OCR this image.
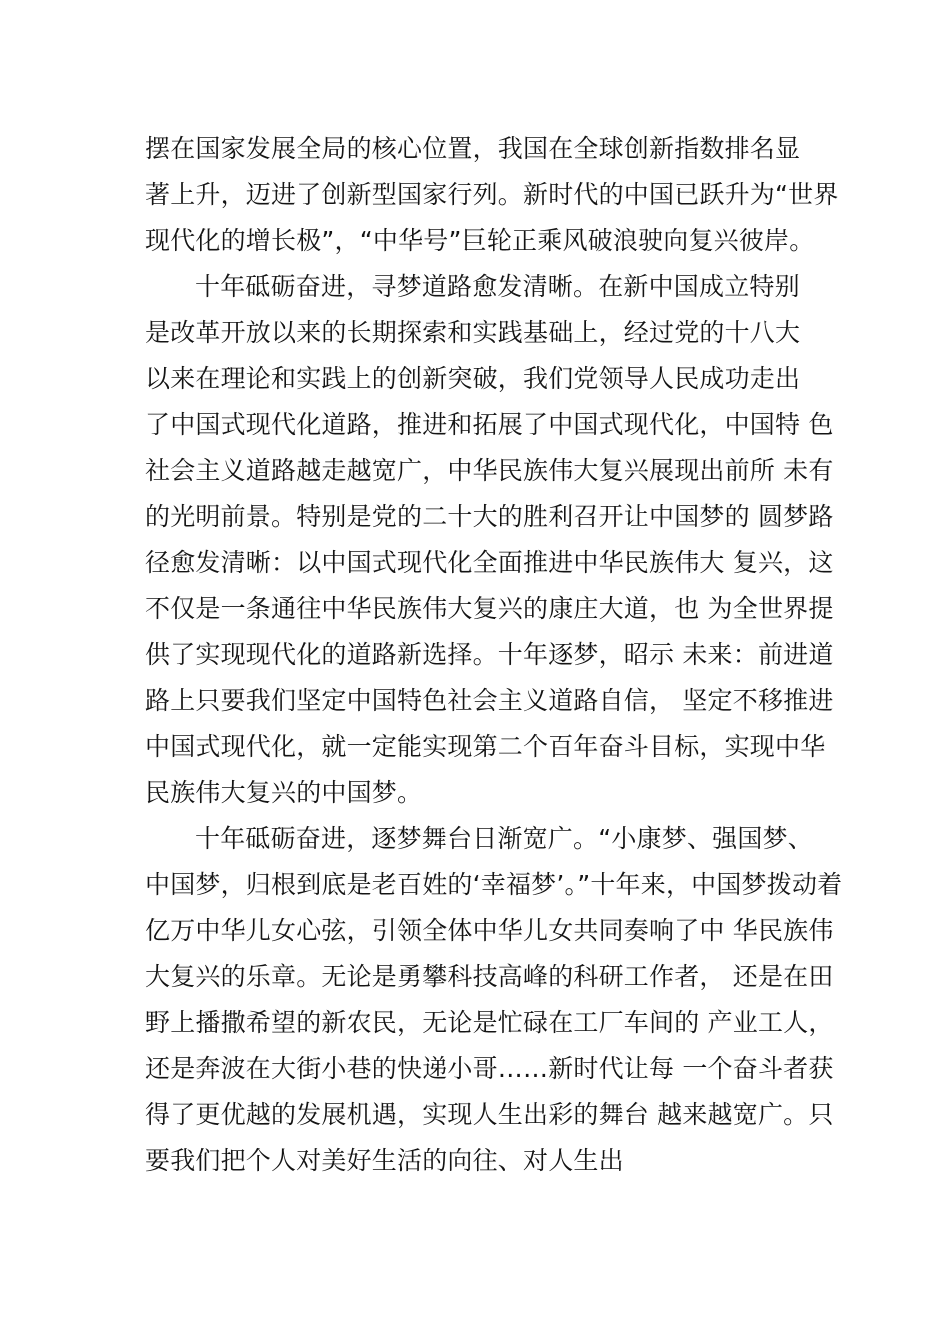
摆在国家发展全局的核心位置，我国在全球创新指数排名显
著上升，迈进了创新型国家行列。新时代的中国已跃升为“世界
现代化的增长极”，“中华号”巨轮正乘风破浪驶向复兴彼岸。
十年砥砺奋进，寻梦道路愈发清晰。在新中国成立特别
是改革开放以来的长期探索和实践基础上，经过党的十八大
以来在理论和实践上的创新突破，我们党领导人民成功走出
了中国式现代化道路，推进和拓展了中国式现代化，中国特 色
社会主义道路越走越宽广，中华民族伟大复兴展现出前所 未有
的光明前景。特别是党的二十大的胜利召开让中国梦的 圆梦路
径愈发清晰：以中国式现代化全面推进中华民族伟大 复兴，这
不仅是一条通往中华民族伟大复兴的康庄大道，也 为全世界提
供了实现现代化的道路新选择。十年逐梦，昭示 未来：前进道
路上只要我们坚定中国特色社会主义道路自信， 坚定不移推进
中国式现代化，就一定能实现第二个百年奋斗目标，实现中华
民族伟大复兴的中国梦。
十年砥砺奋进，逐梦舞台日渐宽广。“小康梦、强国梦、
中国梦，归根到底是老百姓的‘幸福梦’。”十年来，中国梦拨动着
亿万中华儿女心弦，引领全体中华儿女共同奏响了中 华民族伟
大复兴的乐章。无论是勇攀科技高峰的科研工作者， 还是在田
野上播撒希望的新农民，无论是忙碌在工厂车间的 产业工人，
还是奔波在大街小巷的快递小哥……新时代让每 一个奋斗者获
得了更优越的发展机遇，实现人生出彩的舞台 越来越宽广。只
要我们把个人对美好生活的向往、对人生出
